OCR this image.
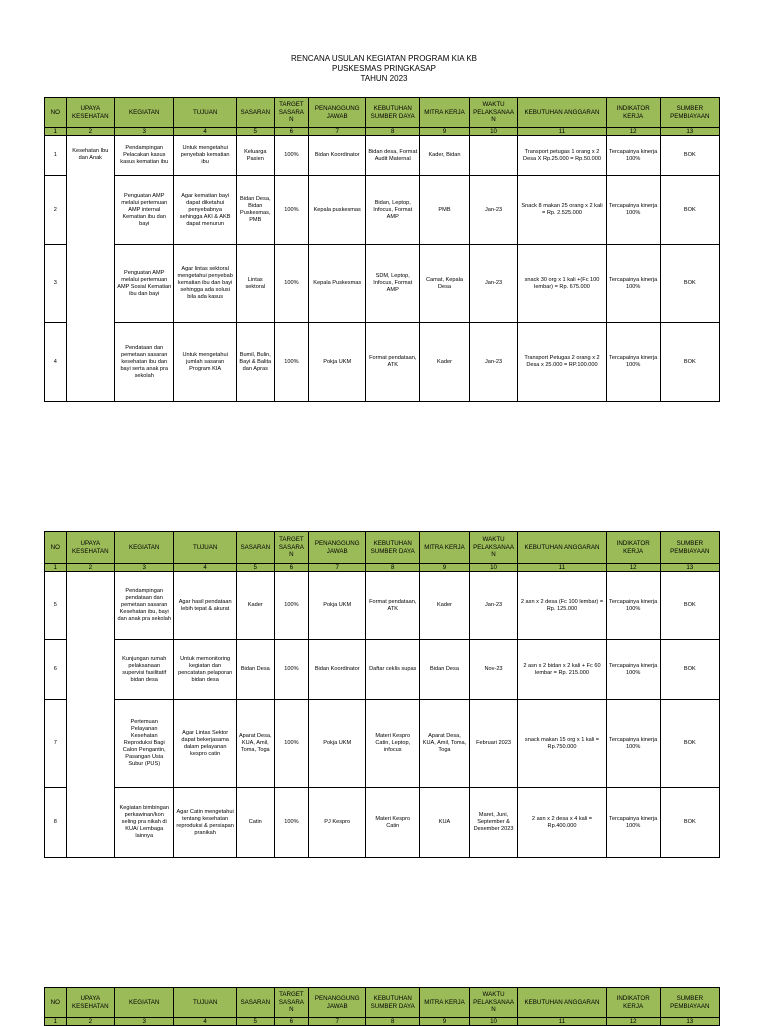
RENCANA USULAN KEGIATAN PROGRAM KIA KB
PUSKESMAS PRINGKASAP
TAHUN 2023
NO	UPAYA KESEHATAN	KEGIATAN	TUJUAN	SASARAN	TARGET SASARAN	PENANGGUNG JAWAB	KEBUTUHAN SUMBER DAYA	MITRA KERJA	WAKTU PELAKSANAAN	KEBUTUHAN ANGGARAN	INDIKATOR KERJA	SUMBER PEMBIAYAAN
1	2	3	4	5	6	7	8	9	10	11	12	13
1	Kesehatan Ibu dan Anak	Pendampingan Pelacakan kasus kasus kematian ibu	Untuk mengetahui penyebab kematian ibu	Keluarga Pasien	100%	Bidan Koordinator	Bidan desa, Format Audit Maternal	Kader, Bidan		Transport petugas 1 orang x 2 Desa X Rp.25.000 = Rp.50.000	Tercapainya kinerja 100%	BOK
2		Penguatan AMP melalui pertemuan AMP internal Kematian ibu dan bayi	Agar kematian bayi dapat diketahui penyebabnya sehingga AKI & AKB dapat menurun	Bidan Desa, Bidan Puskesmas, PMB	100%	Kepala puskesmas	Bidan, Leptop, Infocus, Format AMP	PMB	Jan-23	Snack 8 makan 25 orang x 2 kali = Rp. 2.525.000	Tercapainya kinerja 100%	BOK
3		Penguatan AMP melalui pertemuan AMP Sosial Kematian ibu dan bayi	Agar lintas sektoral mengetahui penyebab kematian ibu dan bayi sehingga ada solusi bila ada kasus	Lintas sektoral	100%	Kepala Puskesmas	SDM, Leptop, Infocus, Format AMP	Camat, Kepala Desa	Jan-23	snack 30 org x 1 kali +(Fc 100 lembar) = Rp. 675.000	Tercapainya kinerja 100%	BOK
4		Pendataan dan pemetaan sasaran kesehatan ibu dan bayi serta anak pra sekolah	Untuk mengetahui jumlah sasaran Program KIA	Bumil, Bulin, Bayi & Balita dan Apras	100%	Pokja UKM	Format pendataan, ATK	Kader	Jan-23	Transport Petugas 2 orang x 2 Desa x 25.000 = RP.100.000	Tercapainya kinerja 100%	BOK
NO	UPAYA KESEHATAN	KEGIATAN	TUJUAN	SASARAN	TARGET SASARA N	PENANGGUNG JAWAB	KEBUTUHAN SUMBER DAYA	MITRA KERJA	WAKTU PELAKSANAA N	KEBUTUHAN ANGGARAN	INDIKATOR KERJA	SUMBER PEMBIAYAAN
1	2	3	4	5	6	7	8	9	10	11	12	13
5		Pendampingan pendataan dan pemetaan sasaran Kesehatan ibu, bayi dan anak pra sekolah	Agar hasil pendataan lebih tepat & akurat	Kader	100%	Pokja UKM	Format pendataan, ATK	Kader	Jan-23	2 asn x 2 desa (Fc 100 lembar) = Rp. 125.000	Tercapainya kinerja 100%	BOK
6		Kunjungan rumah pelaksanaan supervisi fasilitatif bidan desa	Untuk memonitoring kegiatan dan pencatatan pelaporan bidan desa	Bidan Desa	100%	Bidan Koordinator	Daftar ceklis supas	Bidan Desa	Nov-23	2 asn x 2 bidan x 2 kali + Fc 60 lembar = Rp. 215.000	Tercapainya kinerja 100%	BOK
7		Pertemuan Pelayanan Kesehatan Reproduksi Bagi Calon Pengantin, Pasangan Usia Subur (PUS)	Agar Lintas Sektor dapat bekerjasama dalam pelayanan kespro catin	Aparat Desa, KUA, Amil, Toma, Toga	100%	Pokja UKM	Materi Kespro Catin, Leptop, infocus	Aparat Desa, KUA, Amil, Toma, Toga	Februari 2023	snack makan 15 org x 1 kali = Rp.750.000	Tercapainya kinerja 100%	BOK
8		Kegiatan bimbingan perkawinan/kon seling pra nikah di KUA/ Lembaga lainnya	Agar Catin mengetahui tentang kesehatan reproduksi & persiapan pranikah	Catin	100%	PJ Kespro	Materi Kespro Catin	KUA	Maret, Juni, September & Desember 2023	2 asn x 2 desa x 4 kali = Rp.400.000	Tercapainya kinerja 100%	BOK
NO	UPAYA KESEHATAN	KEGIATAN	TUJUAN	SASARAN	TARGET SASARAN	PENANGGUNG JAWAB	KEBUTUHAN SUMBER DAYA	MITRA KERJA	WAKTU PELAKSANAA N	KEBUTUHAN ANGGARAN	INDIKATOR KERJA	SUMBER PEMBIAYAAN
1	2	3	4	5	6	7	8	9	10	11	12	13
